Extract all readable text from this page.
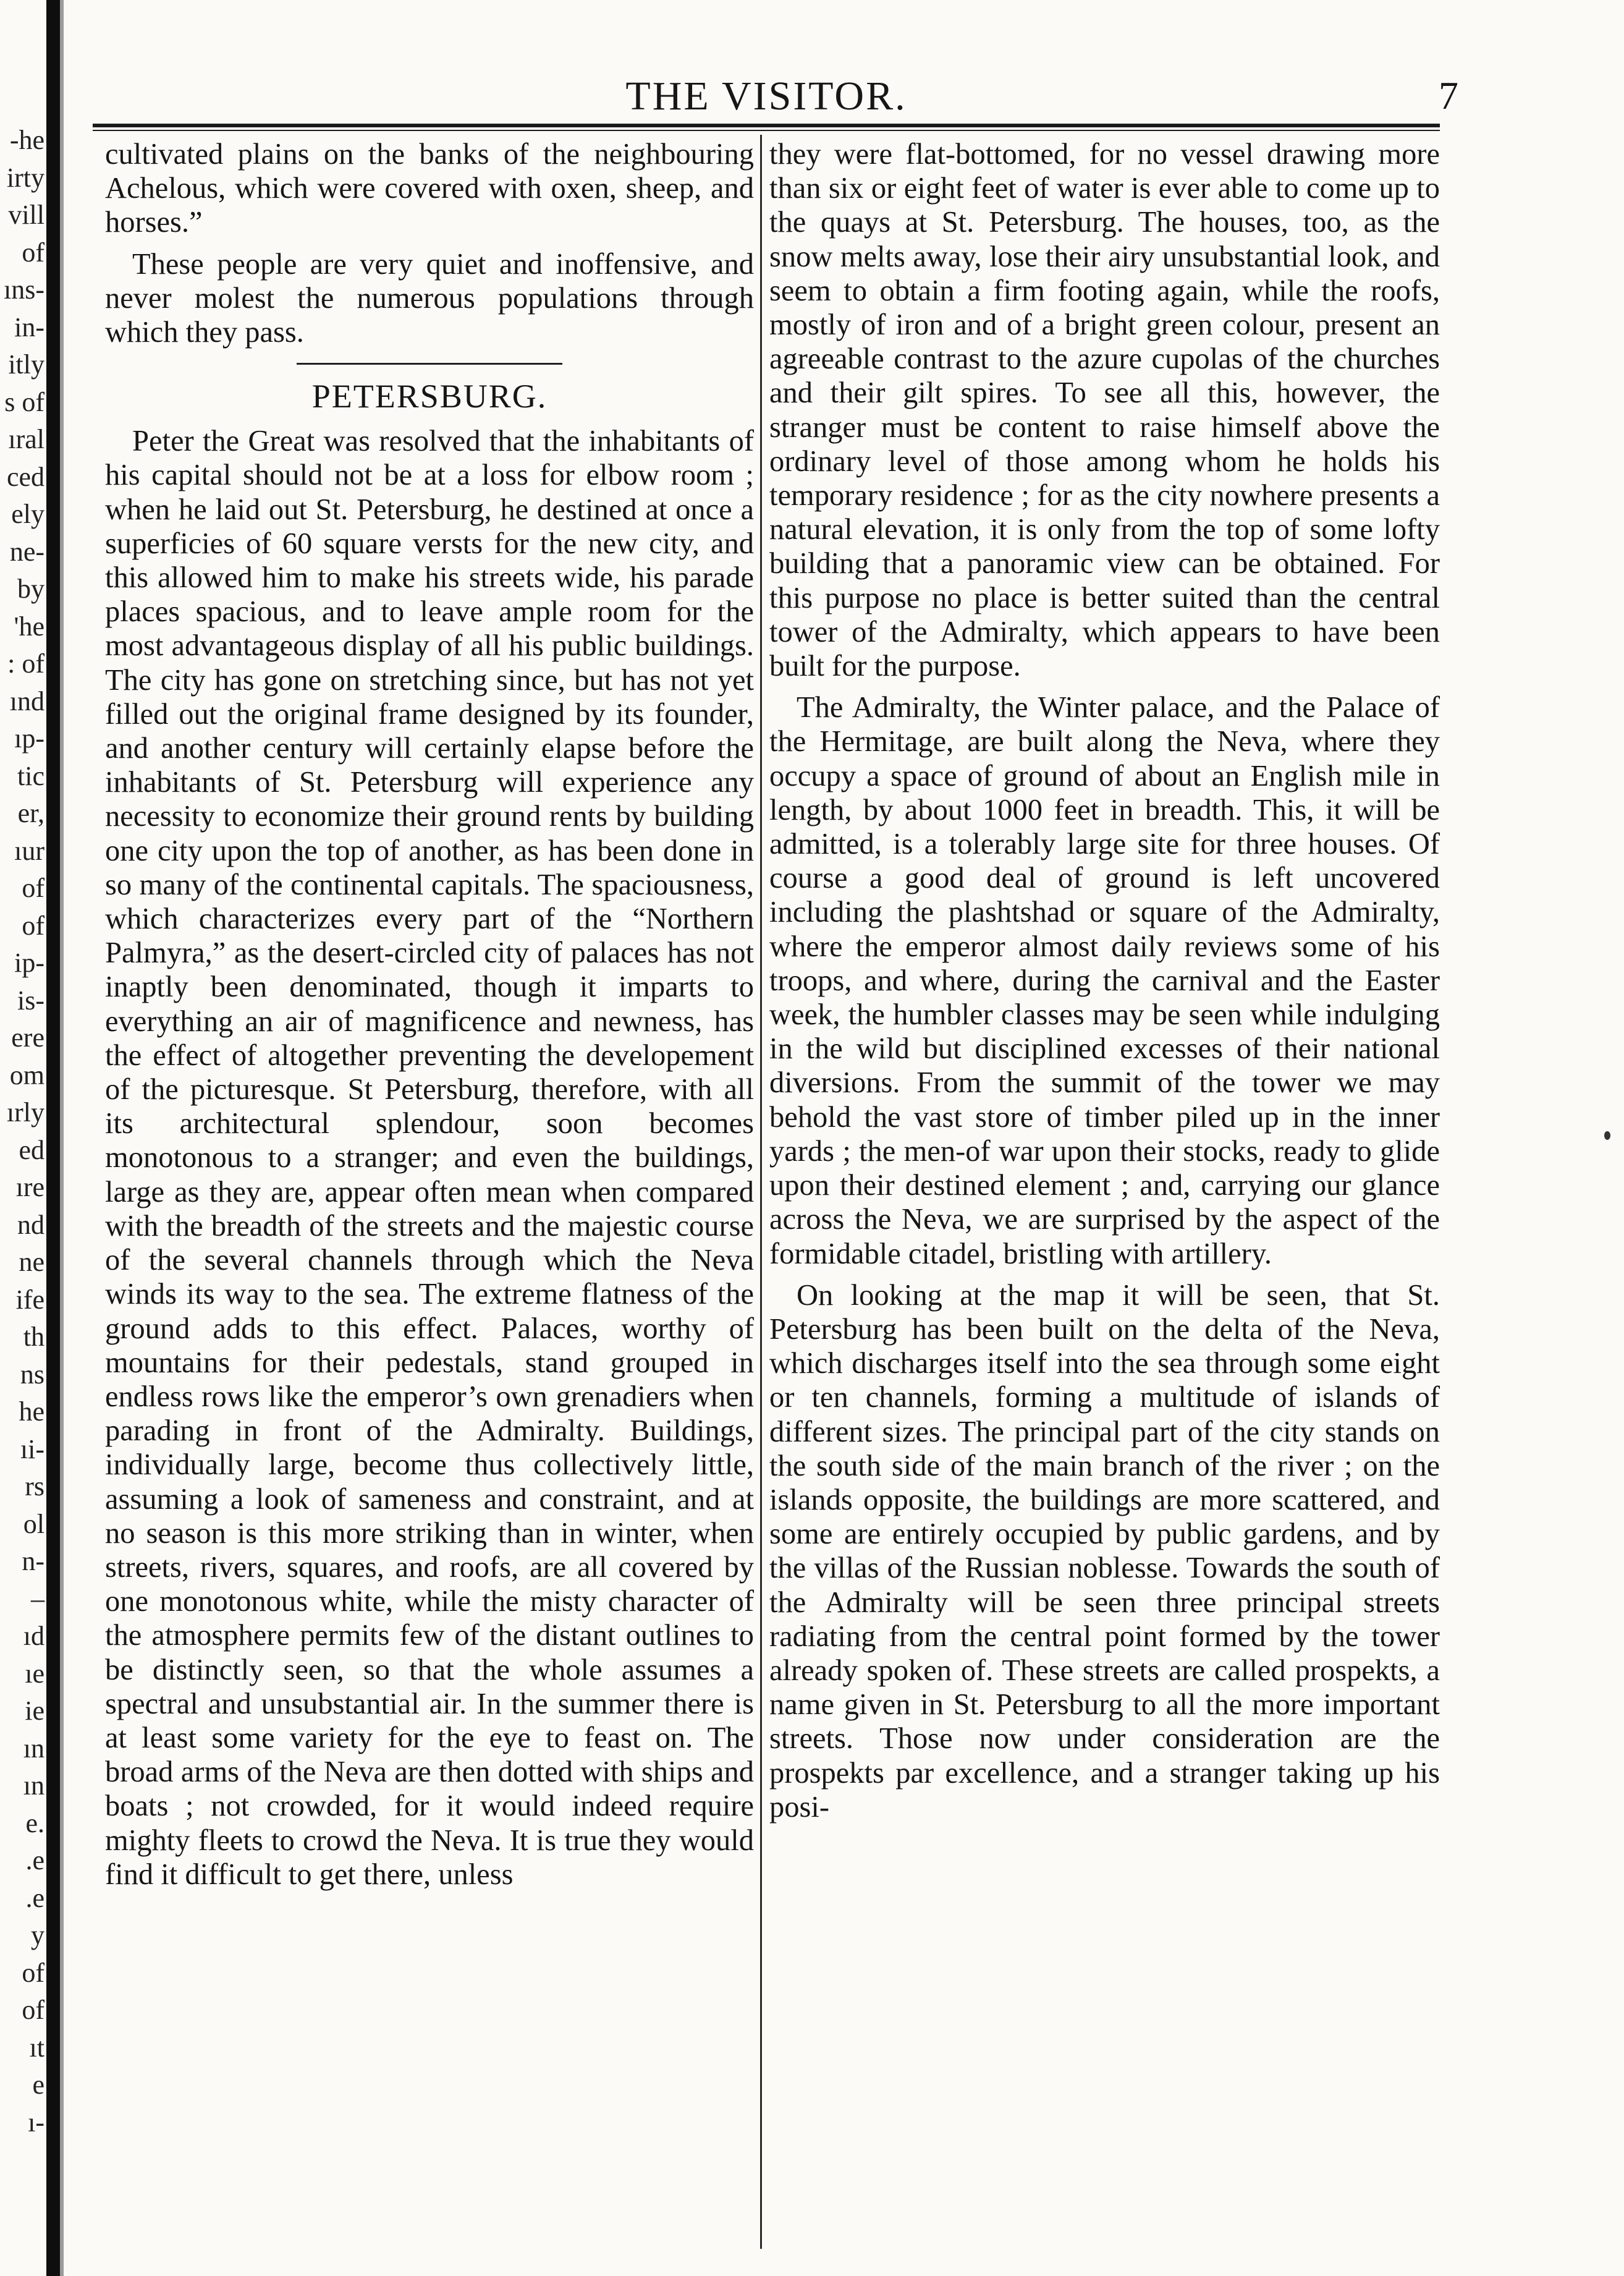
-he
irty
vill
of
ıns-
in-
itly
s of
ıral
ced
ely
ne-
by
'he
: of
ınd
ıp-
tic
er,
ıur
of
of
ip-
is-
ere
om
ırly
ed
ıre
nd
ne
ife
th
ns
he
ıi-
rs
ol
n-
–
ıd
ıe
ie
ın
ın
e.
.e
.e
y
of
of
ıt
e
ı-
THE VISITOR.	7

cultivated plains on the banks of the neighbouring Achelous, which were covered with oxen, sheep, and horses.”

These people are very quiet and inoffensive, and never molest the numerous populations through which they pass.

PETERSBURG.

Peter the Great was resolved that the inhabitants of his capital should not be at a loss for elbow room ; when he laid out St. Petersburg, he destined at once a superficies of 60 square versts for the new city, and this allowed him to make his streets wide, his parade places spacious, and to leave ample room for the most advantageous display of all his public buildings. The city has gone on stretching since, but has not yet filled out the original frame designed by its founder, and another century will certainly elapse before the inhabitants of St. Petersburg will experience any necessity to economize their ground rents by building one city upon the top of another, as has been done in so many of the continental capitals. The spaciousness, which characterizes every part of the “Northern Palmyra,” as the desert-circled city of palaces has not inaptly been denominated, though it imparts to everything an air of magnificence and newness, has the effect of altogether preventing the developement of the picturesque. St Petersburg, therefore, with all its architectural splendour, soon becomes monotonous to a stranger; and even the buildings, large as they are, appear often mean when compared with the breadth of the streets and the majestic course of the several channels through which the Neva winds its way to the sea. The extreme flatness of the ground adds to this effect. Palaces, worthy of mountains for their pedestals, stand grouped in endless rows like the emperor’s own grenadiers when parading in front of the Admiralty. Buildings, individually large, become thus collectively little, assuming a look of sameness and constraint, and at no season is this more striking than in winter, when streets, rivers, squares, and roofs, are all covered by one monotonous white, while the misty character of the atmosphere permits few of the distant outlines to be distinctly seen, so that the whole assumes a spectral and unsubstantial air. In the summer there is at least some variety for the eye to feast on. The broad arms of the Neva are then dotted with ships and boats ; not crowded, for it would indeed require mighty fleets to crowd the Neva. It is true they would find it difficult to get there, unless

they were flat-bottomed, for no vessel drawing more than six or eight feet of water is ever able to come up to the quays at St. Petersburg. The houses, too, as the snow melts away, lose their airy unsubstantial look, and seem to obtain a firm footing again, while the roofs, mostly of iron and of a bright green colour, present an agreeable contrast to the azure cupolas of the churches and their gilt spires. To see all this, however, the stranger must be content to raise himself above the ordinary level of those among whom he holds his temporary residence ; for as the city nowhere presents a natural elevation, it is only from the top of some lofty building that a panoramic view can be obtained. For this purpose no place is better suited than the central tower of the Admiralty, which appears to have been built for the purpose.

The Admiralty, the Winter palace, and the Palace of the Hermitage, are built along the Neva, where they occupy a space of ground of about an English mile in length, by about 1000 feet in breadth. This, it will be admitted, is a tolerably large site for three houses. Of course a good deal of ground is left uncovered including the plashtshad or square of the Admiralty, where the emperor almost daily reviews some of his troops, and where, during the carnival and the Easter week, the humbler classes may be seen while indulging in the wild but disciplined excesses of their national diversions. From the summit of the tower we may behold the vast store of timber piled up in the inner yards ; the men-of war upon their stocks, ready to glide upon their destined element ; and, carrying our glance across the Neva, we are surprised by the aspect of the formidable citadel, bristling with artillery.

On looking at the map it will be seen, that St. Petersburg has been built on the delta of the Neva, which discharges itself into the sea through some eight or ten channels, forming a multitude of islands of different sizes. The principal part of the city stands on the south side of the main branch of the river ; on the islands opposite, the buildings are more scattered, and some are entirely occupied by public gardens, and by the villas of the Russian noblesse. Towards the south of the Admiralty will be seen three principal streets radiating from the central point formed by the tower already spoken of. These streets are called prospekts, a name given in St. Petersburg to all the more important streets. Those now under consideration are the prospekts par excellence, and a stranger taking up his posi-
